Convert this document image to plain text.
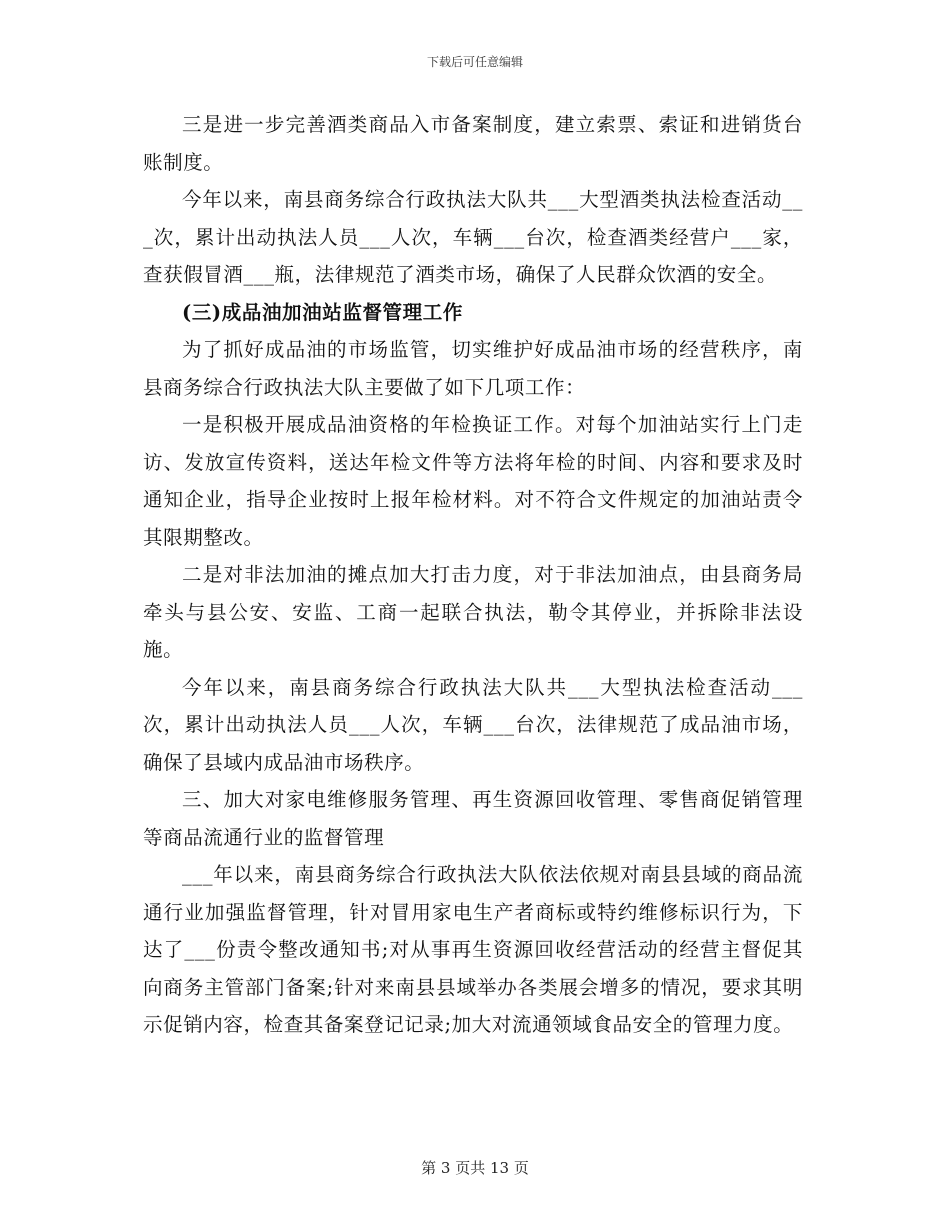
下载后可任意编辑

三是进一步完善酒类商品入市备案制度，建立索票、索证和进销货台账制度。

今年以来，南县商务综合行政执法大队共___大型酒类执法检查活动___次，累计出动执法人员___人次，车辆___台次，检查酒类经营户___家，查获假冒酒___瓶，法律规范了酒类市场，确保了人民群众饮酒的安全。

(三)成品油加油站监督管理工作

为了抓好成品油的市场监管，切实维护好成品油市场的经营秩序，南县商务综合行政执法大队主要做了如下几项工作：

一是积极开展成品油资格的年检换证工作。对每个加油站实行上门走访、发放宣传资料，送达年检文件等方法将年检的时间、内容和要求及时通知企业，指导企业按时上报年检材料。对不符合文件规定的加油站责令其限期整改。

二是对非法加油的摊点加大打击力度，对于非法加油点，由县商务局牵头与县公安、安监、工商一起联合执法，勒令其停业，并拆除非法设施。

今年以来，南县商务综合行政执法大队共___大型执法检查活动___次，累计出动执法人员___人次，车辆___台次，法律规范了成品油市场，确保了县域内成品油市场秩序。

三、加大对家电维修服务管理、再生资源回收管理、零售商促销管理等商品流通行业的监督管理

___年以来，南县商务综合行政执法大队依法依规对南县县域的商品流通行业加强监督管理，针对冒用家电生产者商标或特约维修标识行为，下达了___份责令整改通知书;对从事再生资源回收经营活动的经营主督促其向商务主管部门备案;针对来南县县域举办各类展会增多的情况，要求其明示促销内容，检查其备案登记记录;加大对流通领域食品安全的管理力度。

第 3 页共 13 页
